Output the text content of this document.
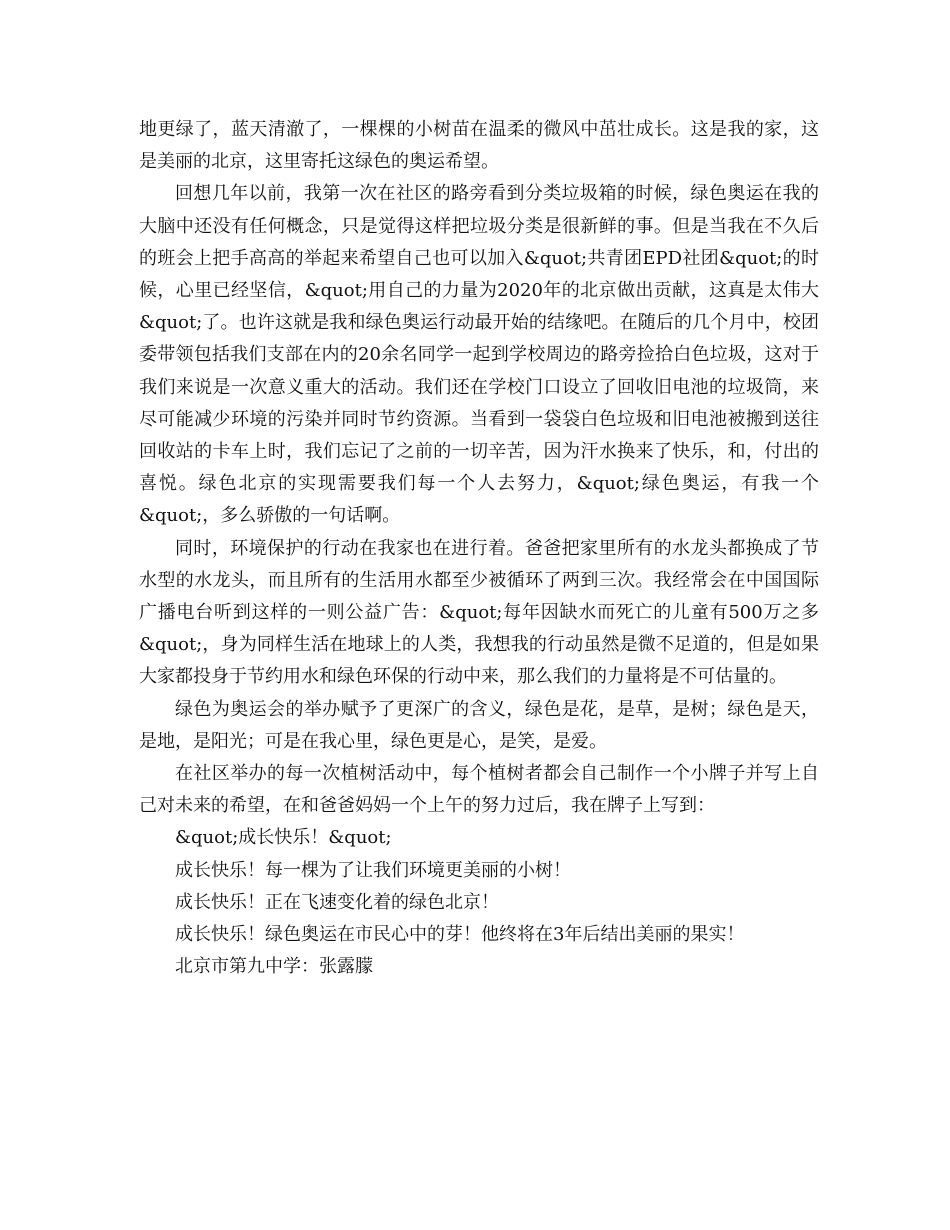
地更绿了，蓝天清澈了，一棵棵的小树苗在温柔的微风中茁壮成长。这是我的家，这是美丽的北京，这里寄托这绿色的奥运希望。

回想几年以前，我第一次在社区的路旁看到分类垃圾箱的时候，绿色奥运在我的大脑中还没有任何概念，只是觉得这样把垃圾分类是很新鲜的事。但是当我在不久后的班会上把手高高的举起来希望自己也可以加入&quot;共青团EPD社团&quot;的时候，心里已经坚信，&quot;用自己的力量为2020年的北京做出贡献，这真是太伟大&quot;了。也许这就是我和绿色奥运行动最开始的结缘吧。在随后的几个月中，校团委带领包括我们支部在内的20余名同学一起到学校周边的路旁捡拾白色垃圾，这对于我们来说是一次意义重大的活动。我们还在学校门口设立了回收旧电池的垃圾筒，来尽可能减少环境的污染并同时节约资源。当看到一袋袋白色垃圾和旧电池被搬到送往回收站的卡车上时，我们忘记了之前的一切辛苦，因为汗水换来了快乐，和，付出的喜悦。绿色北京的实现需要我们每一个人去努力，&quot;绿色奥运，有我一个&quot;，多么骄傲的一句话啊。

同时，环境保护的行动在我家也在进行着。爸爸把家里所有的水龙头都换成了节水型的水龙头，而且所有的生活用水都至少被循环了两到三次。我经常会在中国国际广播电台听到这样的一则公益广告：&quot;每年因缺水而死亡的儿童有500万之多&quot;，身为同样生活在地球上的人类，我想我的行动虽然是微不足道的，但是如果大家都投身于节约用水和绿色环保的行动中来，那么我们的力量将是不可估量的。

绿色为奥运会的举办赋予了更深广的含义，绿色是花，是草，是树；绿色是天，是地，是阳光；可是在我心里，绿色更是心，是笑，是爱。

在社区举办的每一次植树活动中，每个植树者都会自己制作一个小牌子并写上自己对未来的希望，在和爸爸妈妈一个上午的努力过后，我在牌子上写到：

&quot;成长快乐！&quot;
成长快乐！每一棵为了让我们环境更美丽的小树！
成长快乐！正在飞速变化着的绿色北京！
成长快乐！绿色奥运在市民心中的芽！他终将在3年后结出美丽的果实！
北京市第九中学：张露朦
